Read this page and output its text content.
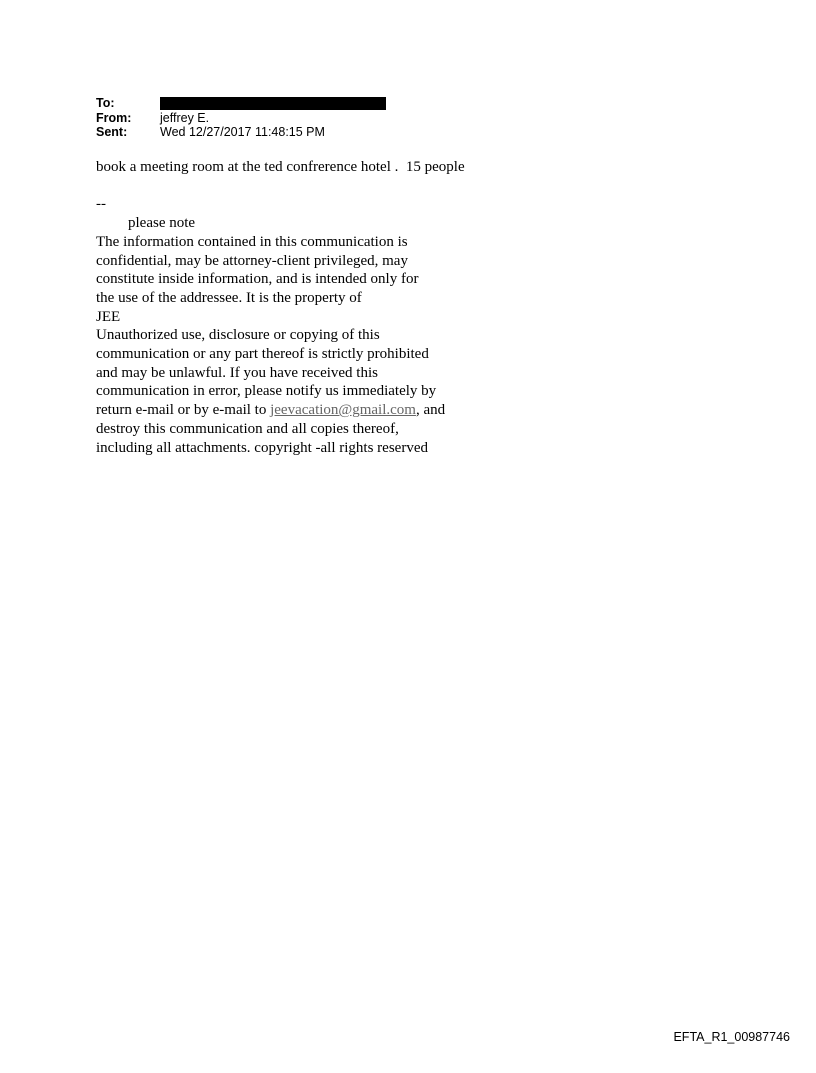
To:
From:	jeffrey E.
Sent:	Wed 12/27/2017 11:48:15 PM
book a meeting room at the ted confrerence hotel .  15 people
--
please note
The information contained in this communication is
confidential, may be attorney-client privileged, may
constitute inside information, and is intended only for
the use of the addressee. It is the property of
JEE
Unauthorized use, disclosure or copying of this
communication or any part thereof is strictly prohibited
and may be unlawful. If you have received this
communication in error, please notify us immediately by
return e-mail or by e-mail to jeevacation@gmail.com, and
destroy this communication and all copies thereof,
including all attachments. copyright -all rights reserved
EFTA_R1_00987746
